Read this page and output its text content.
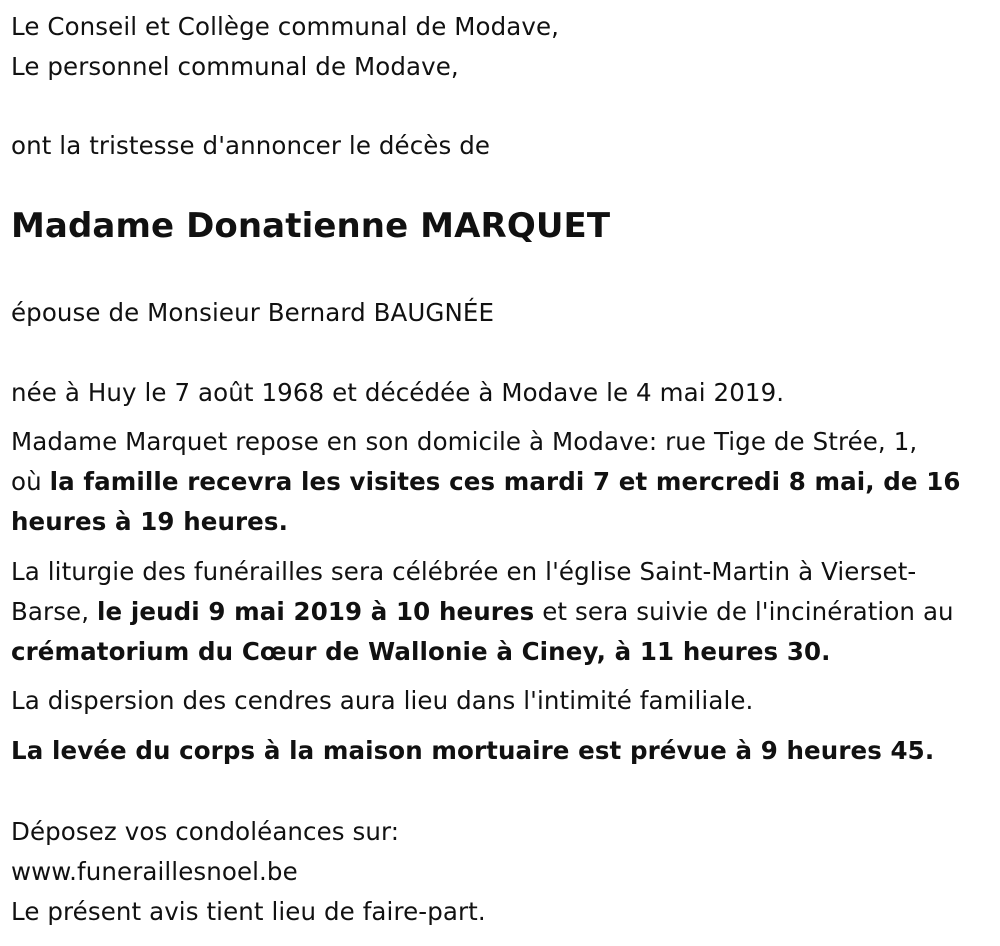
Le Conseil et Collège communal de Modave,
Le personnel communal de Modave,
ont la tristesse d'annoncer le décès de
Madame Donatienne MARQUET
épouse de Monsieur Bernard BAUGNÉE
née à Huy le 7 août 1968 et décédée à Modave le 4 mai 2019.
Madame Marquet repose en son domicile à Modave: rue Tige de Strée, 1,
où la famille recevra les visites ces mardi 7 et mercredi 8 mai, de 16
heures à 19 heures.
La liturgie des funérailles sera célébrée en l'église Saint-Martin à Vierset-
Barse, le jeudi 9 mai 2019 à 10 heures et sera suivie de l'incinération au
crématorium du Cœur de Wallonie à Ciney, à 11 heures 30.
La dispersion des cendres aura lieu dans l'intimité familiale.
La levée du corps à la maison mortuaire est prévue à 9 heures 45.
Déposez vos condoléances sur:
www.funeraillesnoel.be
Le présent avis tient lieu de faire-part.
